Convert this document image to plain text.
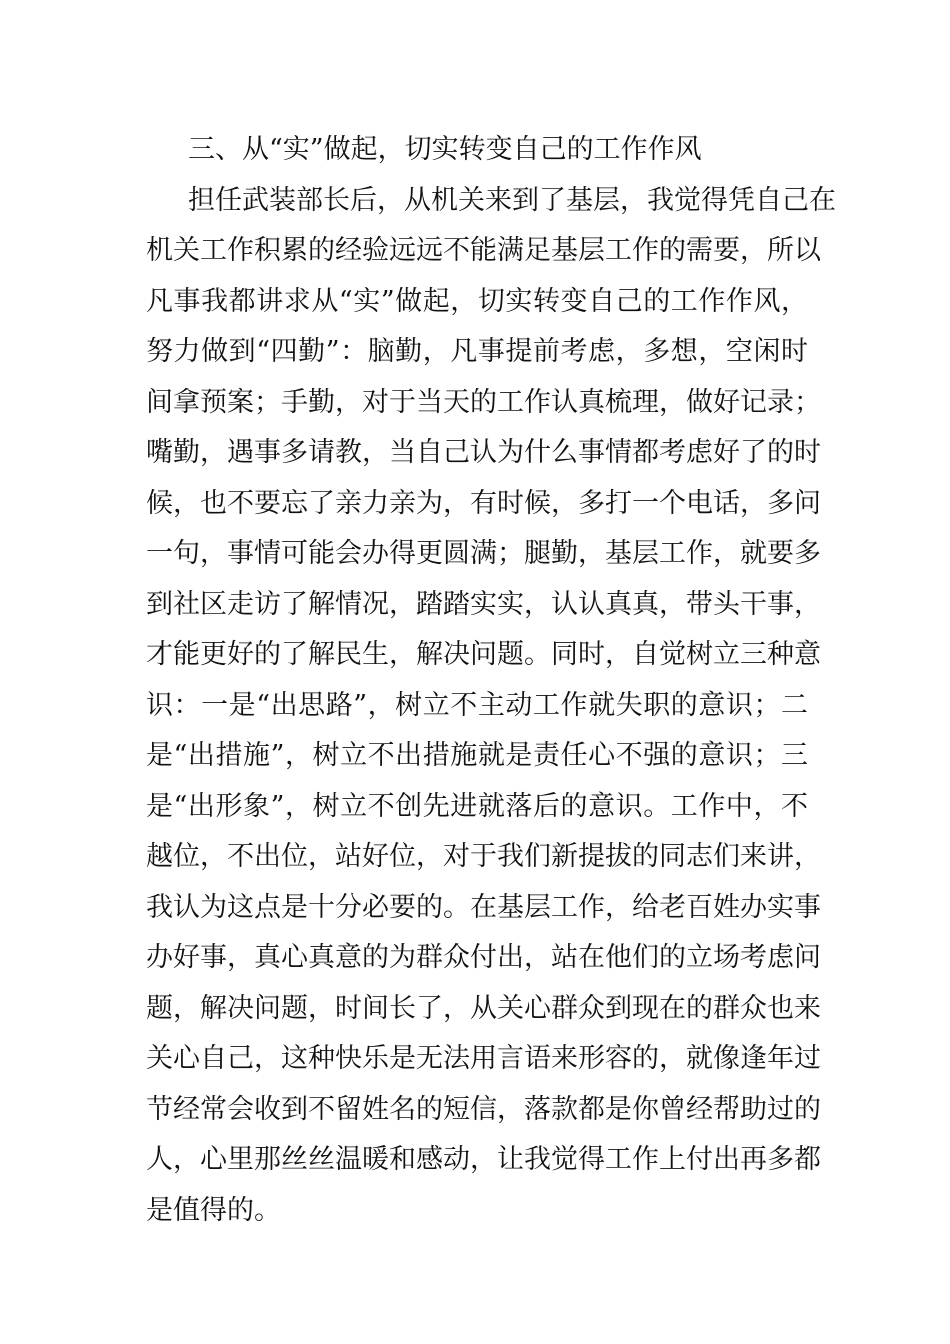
三、从“实”做起，切实转变自己的工作作风
担任武装部长后，从机关来到了基层，我觉得凭自己在
机关工作积累的经验远远不能满足基层工作的需要，所以
凡事我都讲求从“实”做起，切实转变自己的工作作风，
努力做到“四勤”：脑勤，凡事提前考虑，多想，空闲时
间拿预案；手勤，对于当天的工作认真梳理，做好记录；
嘴勤，遇事多请教，当自己认为什么事情都考虑好了的时
候，也不要忘了亲力亲为，有时候，多打一个电话，多问
一句，事情可能会办得更圆满；腿勤，基层工作，就要多
到社区走访了解情况，踏踏实实，认认真真，带头干事，
才能更好的了解民生，解决问题。同时，自觉树立三种意
识：一是“出思路”，树立不主动工作就失职的意识；二
是“出措施”，树立不出措施就是责任心不强的意识；三
是“出形象”，树立不创先进就落后的意识。工作中，不
越位，不出位，站好位，对于我们新提拔的同志们来讲，
我认为这点是十分必要的。在基层工作，给老百姓办实事
办好事，真心真意的为群众付出，站在他们的立场考虑问
题，解决问题，时间长了，从关心群众到现在的群众也来
关心自己，这种快乐是无法用言语来形容的，就像逢年过
节经常会收到不留姓名的短信，落款都是你曾经帮助过的
人，心里那丝丝温暖和感动，让我觉得工作上付出再多都
是值得的。
